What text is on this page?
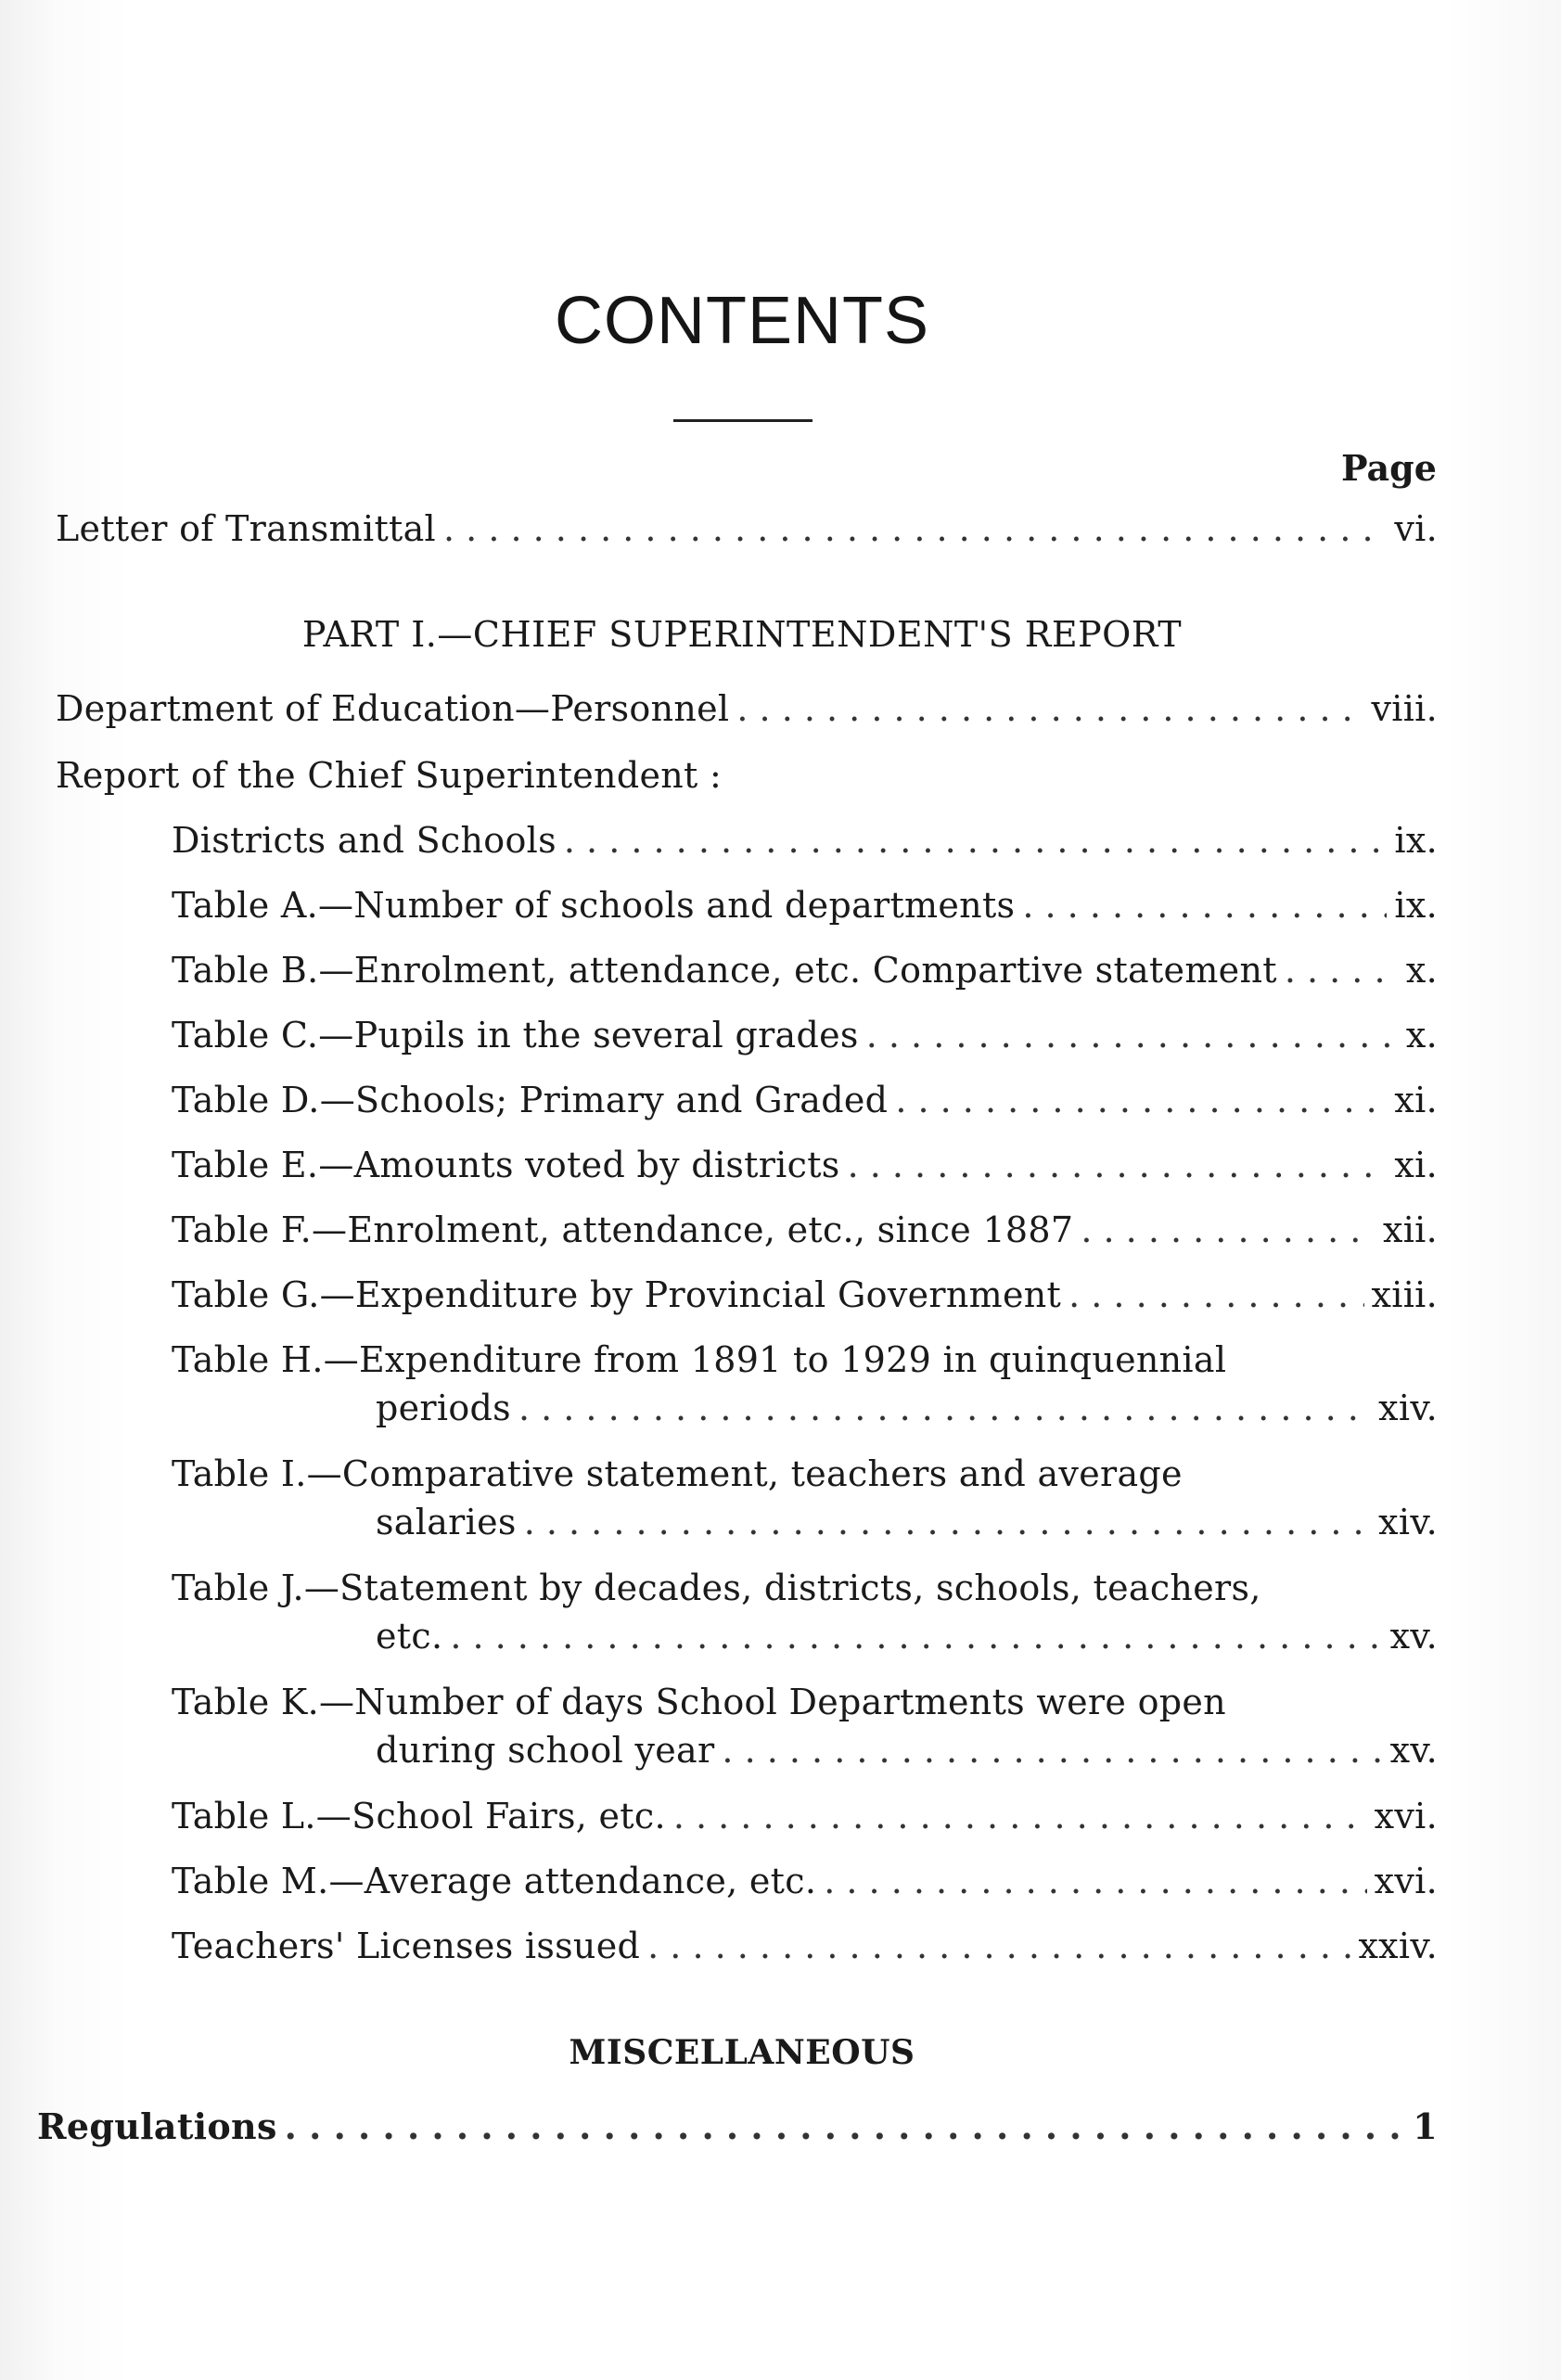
CONTENTS
Page
Letter of Transmittal . . .	vi.
PART I.—CHIEF SUPERINTENDENT'S REPORT
Department of Education—Personnel . . .	viii.
Report of the Chief Superintendent :
Districts and Schools . . .	ix.
Table A.—Number of schools and departments . . .	ix.
Table B.—Enrolment, attendance, etc. Compartive statement . . .	x.
Table C.—Pupils in the several grades . . .	x.
Table D.—Schools; Primary and Graded . . .	xi.
Table E.—Amounts voted by districts . . .	xi.
Table F.—Enrolment, attendance, etc., since 1887 . . .	xii.
Table G.—Expenditure by Provincial Government . . .	xiii.
Table H.—Expenditure from 1891 to 1929 in quinquennial
periods . . .	xiv.
Table I.—Comparative statement, teachers and average
salaries . . .	xiv.
Table J.—Statement by decades, districts, schools, teachers,
etc. . . .	xv.
Table K.—Number of days School Departments were open
during school year . . .	xv.
Table L.—School Fairs, etc. . . .	xvi.
Table M.—Average attendance, etc. . . .	xvi.
Teachers' Licenses issued . . .	xxiv.
MISCELLANEOUS
Regulations . . .	1
